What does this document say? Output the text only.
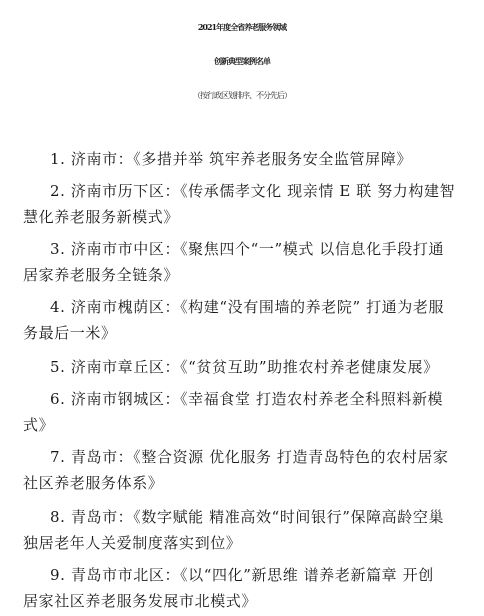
2021年度全省养老服务领域
创新典型案例名单
（按行政区划排序、不分先后）
1. 济南市：《多措并举 筑牢养老服务安全监管屏障》
2. 济南市历下区：《传承儒孝文化 现亲情 E 联 努力构建智
慧化养老服务新模式》
3. 济南市市中区：《聚焦四个“一”模式 以信息化手段打通
居家养老服务全链条》
4. 济南市槐荫区：《构建“没有围墙的养老院” 打通为老服
务最后一米》
5. 济南市章丘区：《“贫贫互助”助推农村养老健康发展》
6. 济南市钢城区：《幸福食堂 打造农村养老全科照料新模
式》
7. 青岛市：《整合资源 优化服务 打造青岛特色的农村居家
社区养老服务体系》
8. 青岛市：《数字赋能 精准高效“时间银行”保障高龄空巢
独居老年人关爱制度落实到位》
9. 青岛市市北区：《以“四化”新思维 谱养老新篇章 开创
居家社区养老服务发展市北模式》
